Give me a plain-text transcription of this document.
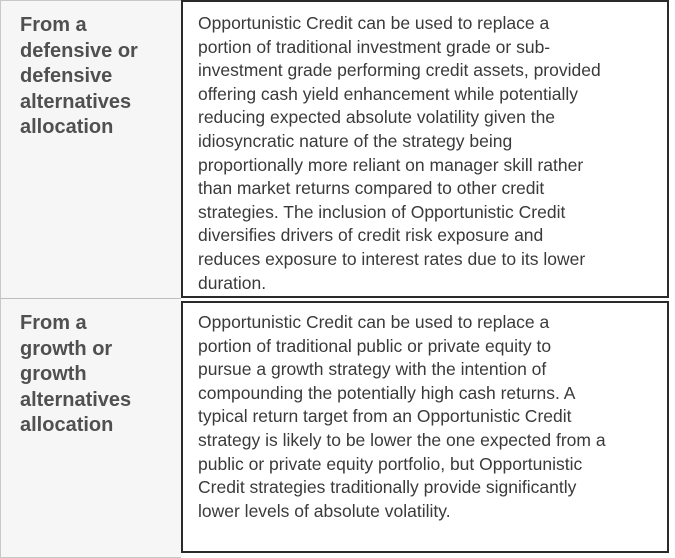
From a
defensive or
defensive
alternatives
allocation
Opportunistic Credit can be used to replace a
portion of traditional investment grade or sub-
investment grade performing credit assets, provided
offering cash yield enhancement while potentially
reducing expected absolute volatility given the
idiosyncratic nature of the strategy being
proportionally more reliant on manager skill rather
than market returns compared to other credit
strategies. The inclusion of Opportunistic Credit
diversifies drivers of credit risk exposure and
reduces exposure to interest rates due to its lower
duration.
From a
growth or
growth
alternatives
allocation
Opportunistic Credit can be used to replace a
portion of traditional public or private equity to
pursue a growth strategy with the intention of
compounding the potentially high cash returns. A
typical return target from an Opportunistic Credit
strategy is likely to be lower the one expected from a
public or private equity portfolio, but Opportunistic
Credit strategies traditionally provide significantly
lower levels of absolute volatility.
